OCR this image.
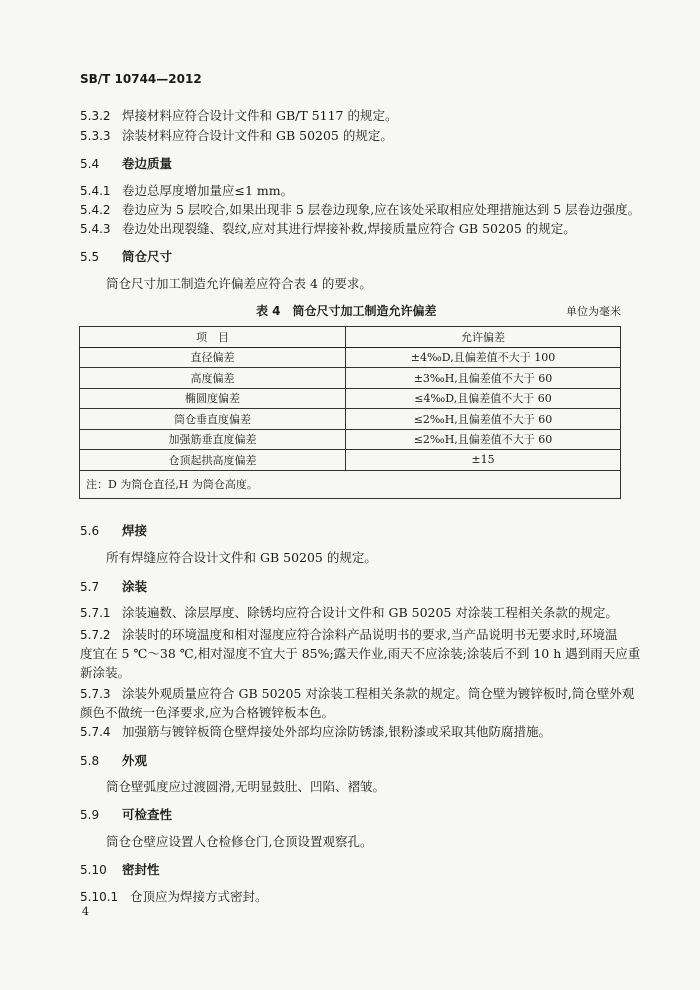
SB/T 10744—2012
5.3.2 焊接材料应符合设计文件和 GB/T 5117 的规定。
5.3.3 涂装材料应符合设计文件和 GB 50205 的规定。
5.4 卷边质量
5.4.1 卷边总厚度增加量应≤1 mm。
5.4.2 卷边应为 5 层咬合,如果出现非 5 层卷边现象,应在该处采取相应处理措施达到 5 层卷边强度。
5.4.3 卷边处出现裂缝、裂纹,应对其进行焊接补救,焊接质量应符合 GB 50205 的规定。
5.5 筒仓尺寸
筒仓尺寸加工制造允许偏差应符合表 4 的要求。
表 4　筒仓尺寸加工制造允许偏差	单位为毫米
项　目	允许偏差
直径偏差	±4‰D,且偏差值不大于 100
高度偏差	±3‰H,且偏差值不大于 60
椭圆度偏差	≤4‰D,且偏差值不大于 60
筒仓垂直度偏差	≤2‰H,且偏差值不大于 60
加强筋垂直度偏差	≤2‰H,且偏差值不大于 60
仓顶起拱高度偏差	±15
注：D 为筒仓直径,H 为筒仓高度。	
5.6 焊接
所有焊缝应符合设计文件和 GB 50205 的规定。
5.7 涂装
5.7.1 涂装遍数、涂层厚度、除锈均应符合设计文件和 GB 50205 对涂装工程相关条款的规定。
5.7.2 涂装时的环境温度和相对湿度应符合涂料产品说明书的要求,当产品说明书无要求时,环境温
度宜在 5 ℃～38 ℃,相对湿度不宜大于 85%;露天作业,雨天不应涂装;涂装后不到 10 h 遇到雨天应重
新涂装。
5.7.3 涂装外观质量应符合 GB 50205 对涂装工程相关条款的规定。筒仓壁为镀锌板时,筒仓壁外观
颜色不做统一色泽要求,应为合格镀锌板本色。
5.7.4 加强筋与镀锌板筒仓壁焊接处外部均应涂防锈漆,银粉漆或采取其他防腐措施。
5.8 外观
筒仓壁弧度应过渡圆滑,无明显鼓肚、凹陷、褶皱。
5.9 可检查性
筒仓仓壁应设置人仓检修仓门,仓顶设置观察孔。
5.10 密封性
5.10.1 仓顶应为焊接方式密封。
4
